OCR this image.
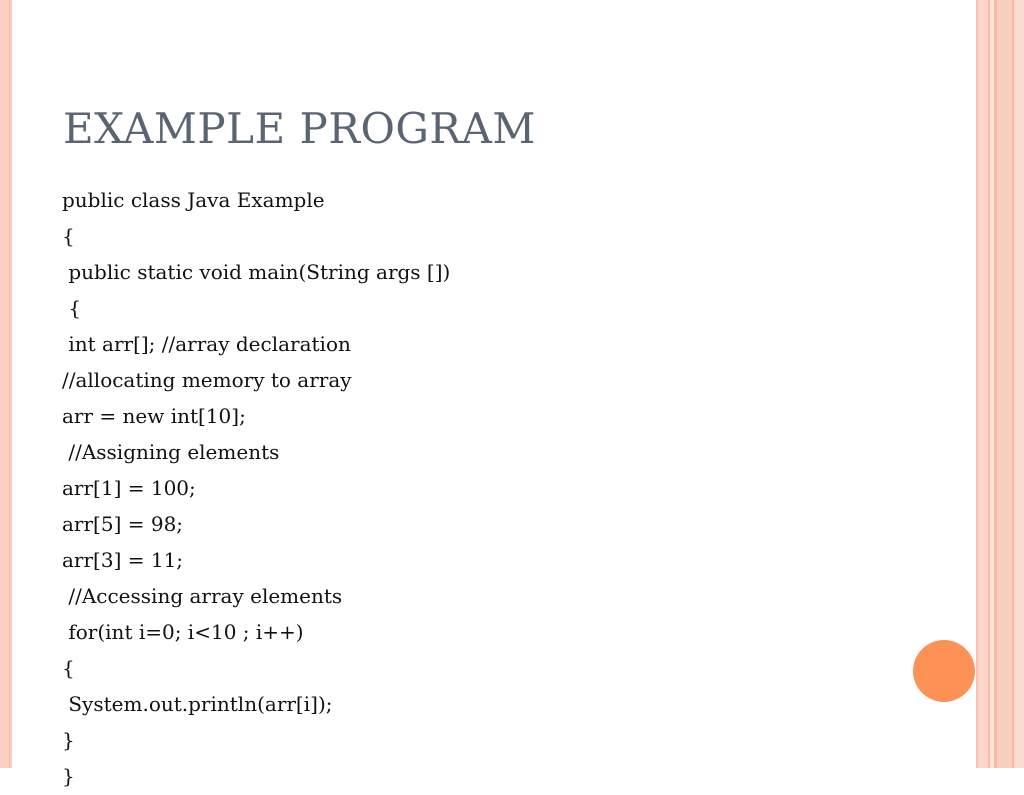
EXAMPLE PROGRAM
public class Java Example
{
public static void main(String args [])
{
int arr[]; //array declaration
//allocating memory to array
arr = new int[10];
//Assigning elements
arr[1] = 100;
arr[5] = 98;
arr[3] = 11;
//Accessing array elements
for(int i=0; i<10 ; i++)
{
System.out.println(arr[i]);
}
}
